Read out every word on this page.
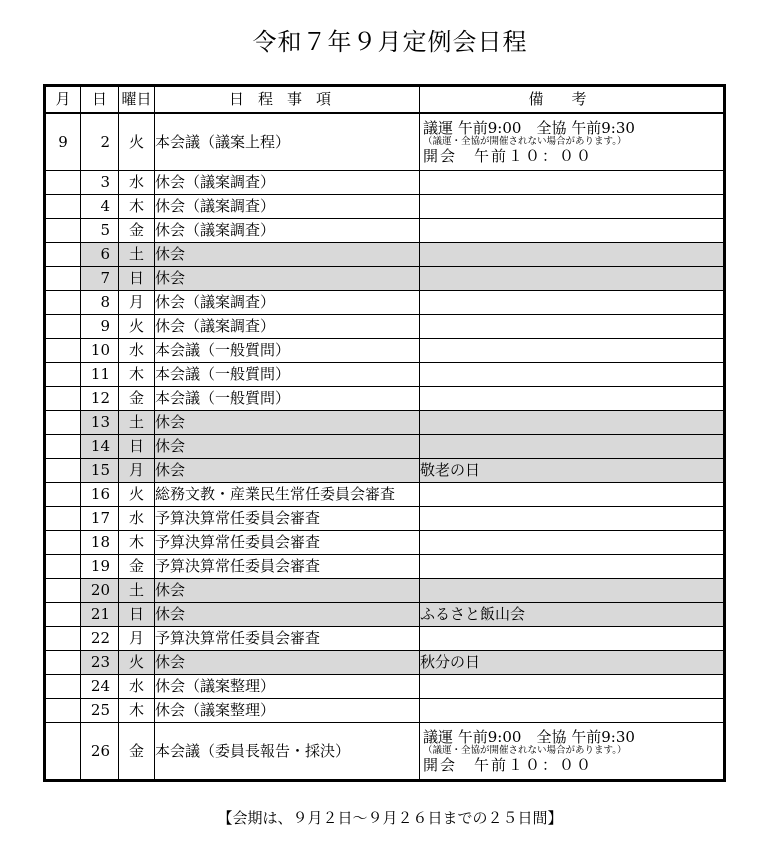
令和７年９月定例会日程
月	日	曜日	日程事項	備考
9	2	火	本会議（議案上程）	議運 午前9:00　全協 午前9:30
（議運・全協が開催されない場合があります。）
開会　午前１０：００

	3	水	休会（議案調査）	
	4	木	休会（議案調査）	
	5	金	休会（議案調査）	
	6	土	休会	
	7	日	休会	
	8	月	休会（議案調査）	
	9	火	休会（議案調査）	
	10	水	本会議（一般質問）	
	11	木	本会議（一般質問）	
	12	金	本会議（一般質問）	
	13	土	休会	
	14	日	休会	
	15	月	休会	敬老の日
	16	火	総務文教・産業民生常任委員会審査	
	17	水	予算決算常任委員会審査	
	18	木	予算決算常任委員会審査	
	19	金	予算決算常任委員会審査	
	20	土	休会	
	21	日	休会	ふるさと飯山会
	22	月	予算決算常任委員会審査	
	23	火	休会	秋分の日
	24	水	休会（議案整理）	
	25	木	休会（議案整理）	
	26	金	本会議（委員長報告・採決）	議運 午前9:00　全協 午前9:30
（議運・全協が開催されない場合があります。）
開会　午前１０：００
【会期は、９月２日～９月２６日までの２５日間】
